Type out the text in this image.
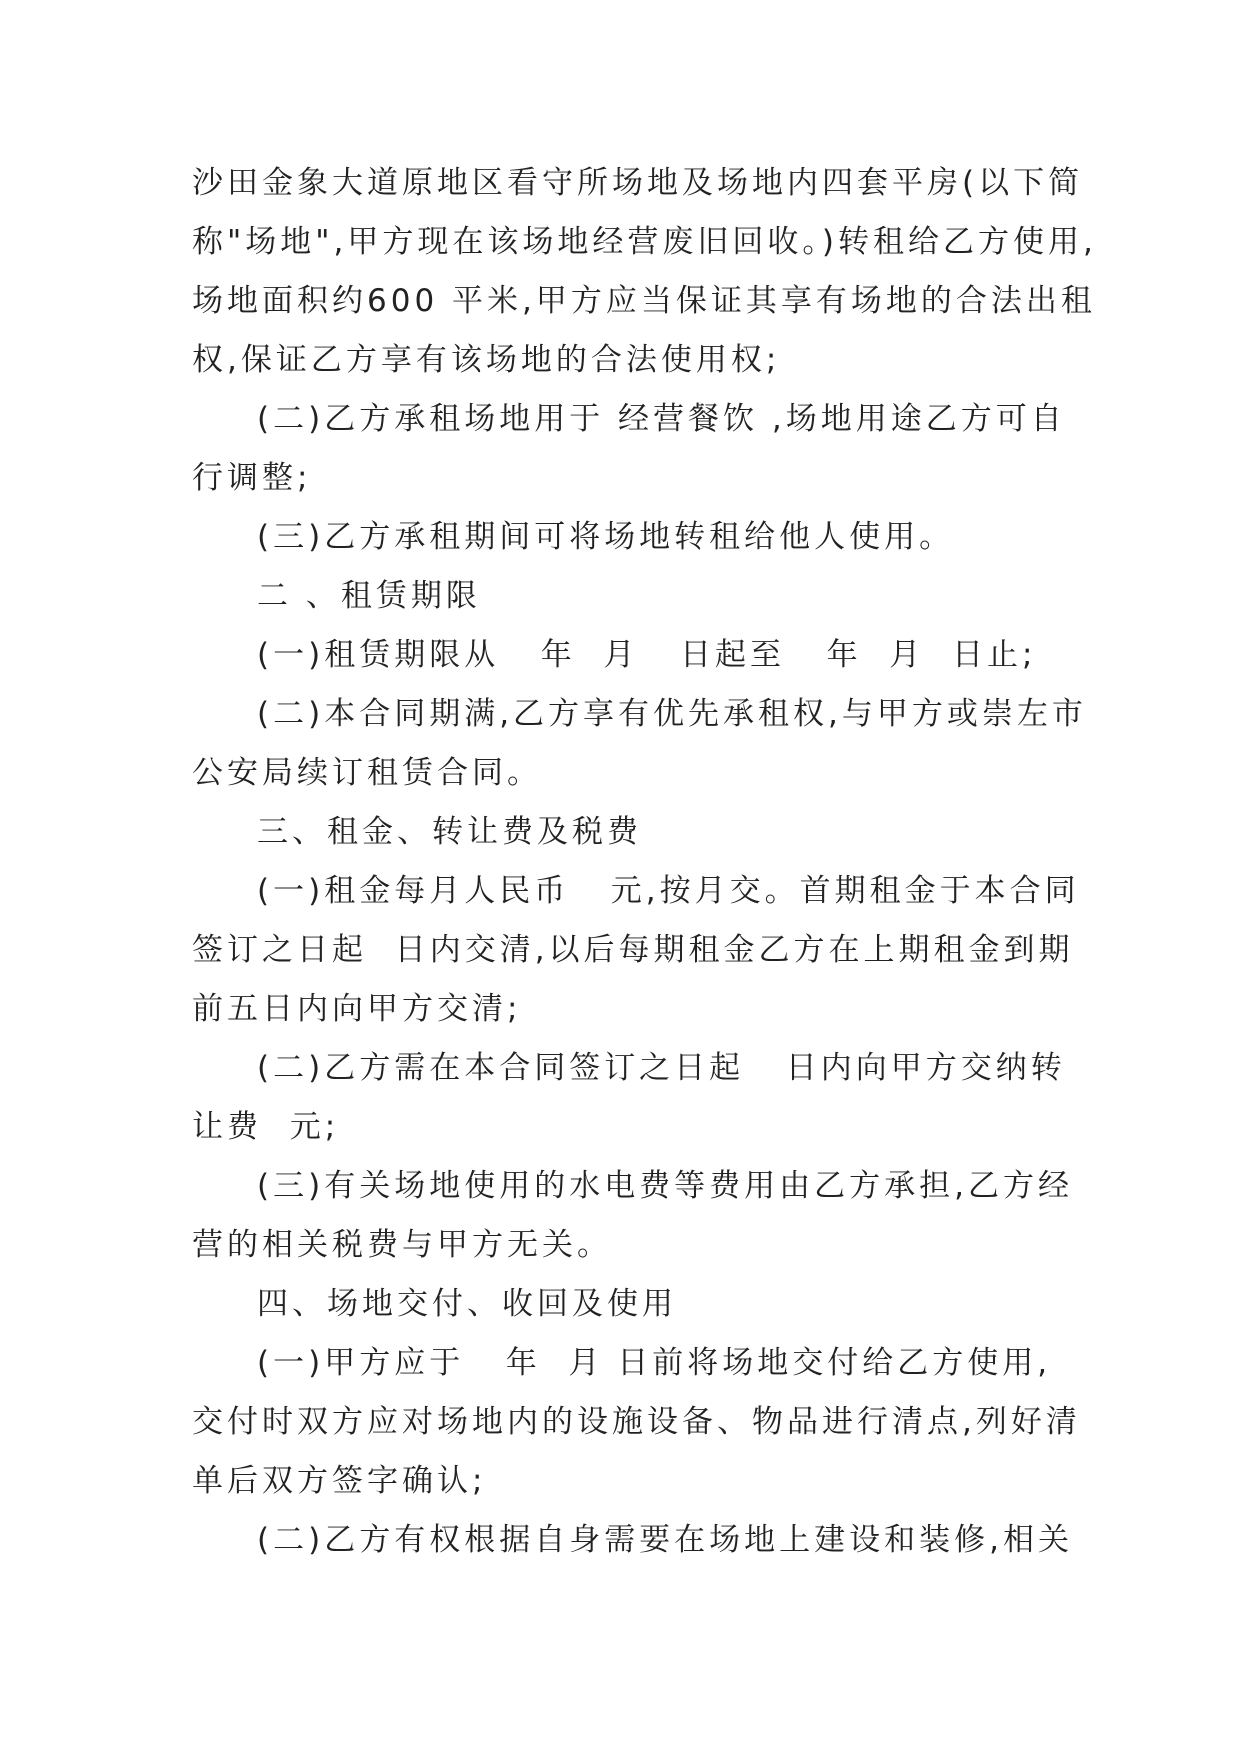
沙田金象大道原地区看守所场地及场地内四套平房(以下简
称"场地",甲方现在该场地经营废旧回收。)转租给乙方使用,
场地面积约600 平米,甲方应当保证其享有场地的合法出租
权,保证乙方享有该场地的合法使用权;
(二)乙方承租场地用于 经营餐饮 ,场地用途乙方可自
行调整;
(三)乙方承租期间可将场地转租给他人使用。
二 、租赁期限
(一)租赁期限从   年  月   日起至   年  月  日止;
(二)本合同期满,乙方享有优先承租权,与甲方或崇左市
公安局续订租赁合同。
三、租金、转让费及税费
(一)租金每月人民币   元,按月交。首期租金于本合同
签订之日起  日内交清,以后每期租金乙方在上期租金到期
前五日内向甲方交清;
(二)乙方需在本合同签订之日起   日内向甲方交纳转
让费  元;
(三)有关场地使用的水电费等费用由乙方承担,乙方经
营的相关税费与甲方无关。
四、场地交付、收回及使用
(一)甲方应于   年  月 日前将场地交付给乙方使用,
交付时双方应对场地内的设施设备、物品进行清点,列好清
单后双方签字确认;
(二)乙方有权根据自身需要在场地上建设和装修,相关
